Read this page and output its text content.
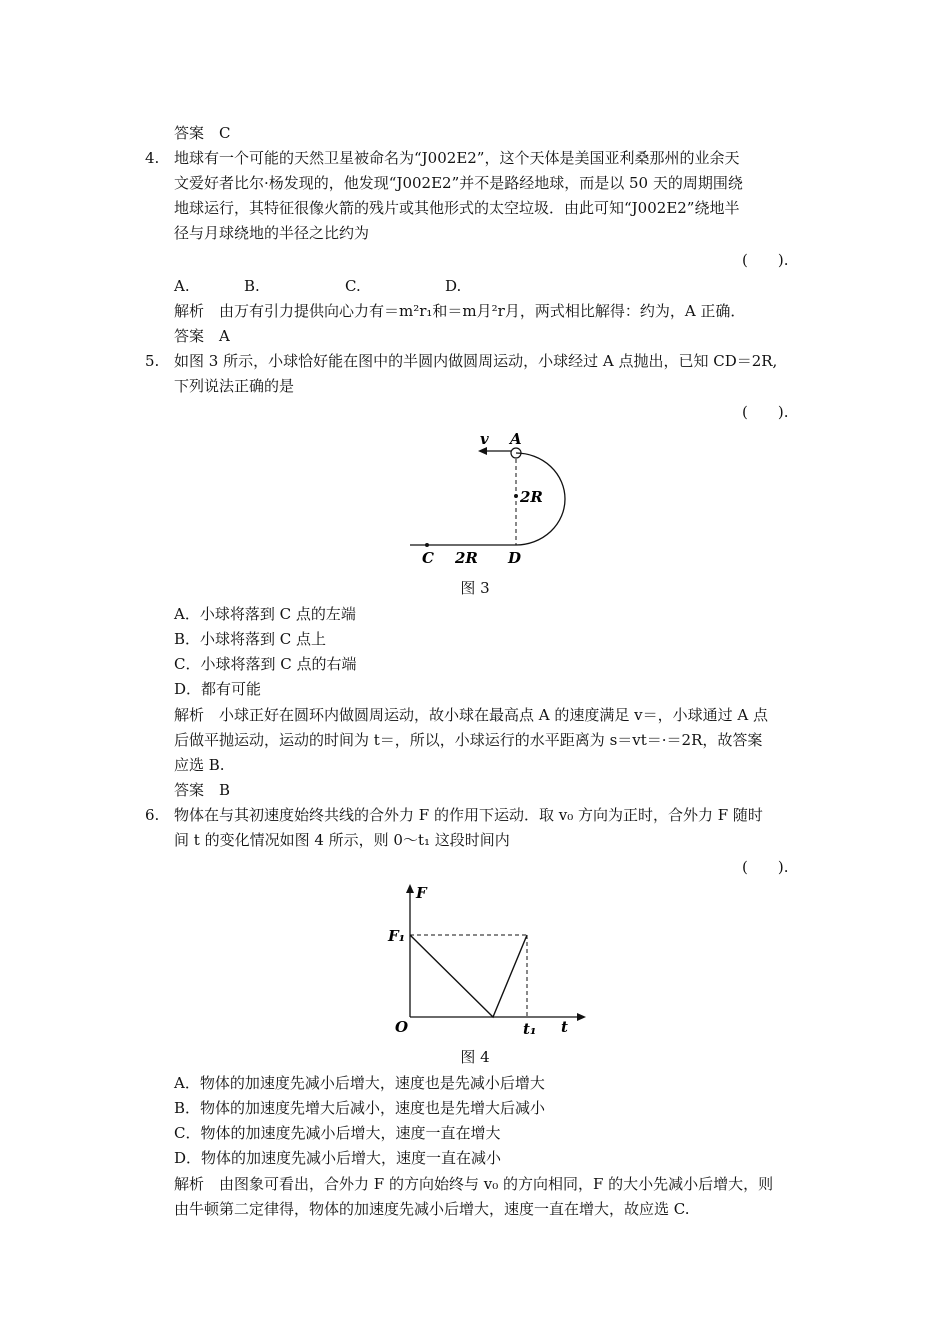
答案　C
4. 地球有一个可能的天然卫星被命名为“J002E2”，这个天体是美国亚利桑那州的业余天
文爱好者比尔·杨发现的，他发现“J002E2”并不是路经地球，而是以 50 天的周期围绕
地球运行，其特征很像火箭的残片或其他形式的太空垃圾．由此可知“J002E2”绕地半
径与月球绕地的半径之比约为
(　　).
A.	B.	C.	D.
解析　由万有引力提供向心力有＝m²r₁和＝m月²r月，两式相比解得：约为，A 正确．
答案　A
5. 如图 3 所示，小球恰好能在图中的半圆内做圆周运动，小球经过 A 点抛出，已知 CD＝2R,
下列说法正确的是
(　　).
v A
2R
C 2R D
图 3
A．小球将落到 C 点的左端
B．小球将落到 C 点上
C．小球将落到 C 点的右端
D．都有可能
解析　小球正好在圆环内做圆周运动，故小球在最高点 A 的速度满足 v＝，小球通过 A 点
后做平抛运动，运动的时间为 t＝，所以，小球运行的水平距离为 s＝vt＝·＝2R，故答案
应选 B.
答案　B
6. 物体在与其初速度始终共线的合外力 F 的作用下运动．取 v₀ 方向为正时，合外力 F 随时
间 t 的变化情况如图 4 所示，则 0～t₁ 这段时间内
(　　).
F
F₁
O	t₁ t
图 4
A．物体的加速度先减小后增大，速度也是先减小后增大
B．物体的加速度先增大后减小，速度也是先增大后减小
C．物体的加速度先减小后增大，速度一直在增大
D．物体的加速度先减小后增大，速度一直在减小
解析　由图象可看出，合外力 F 的方向始终与 v₀ 的方向相同，F 的大小先减小后增大，则
由牛顿第二定律得，物体的加速度先减小后增大，速度一直在增大，故应选 C.
